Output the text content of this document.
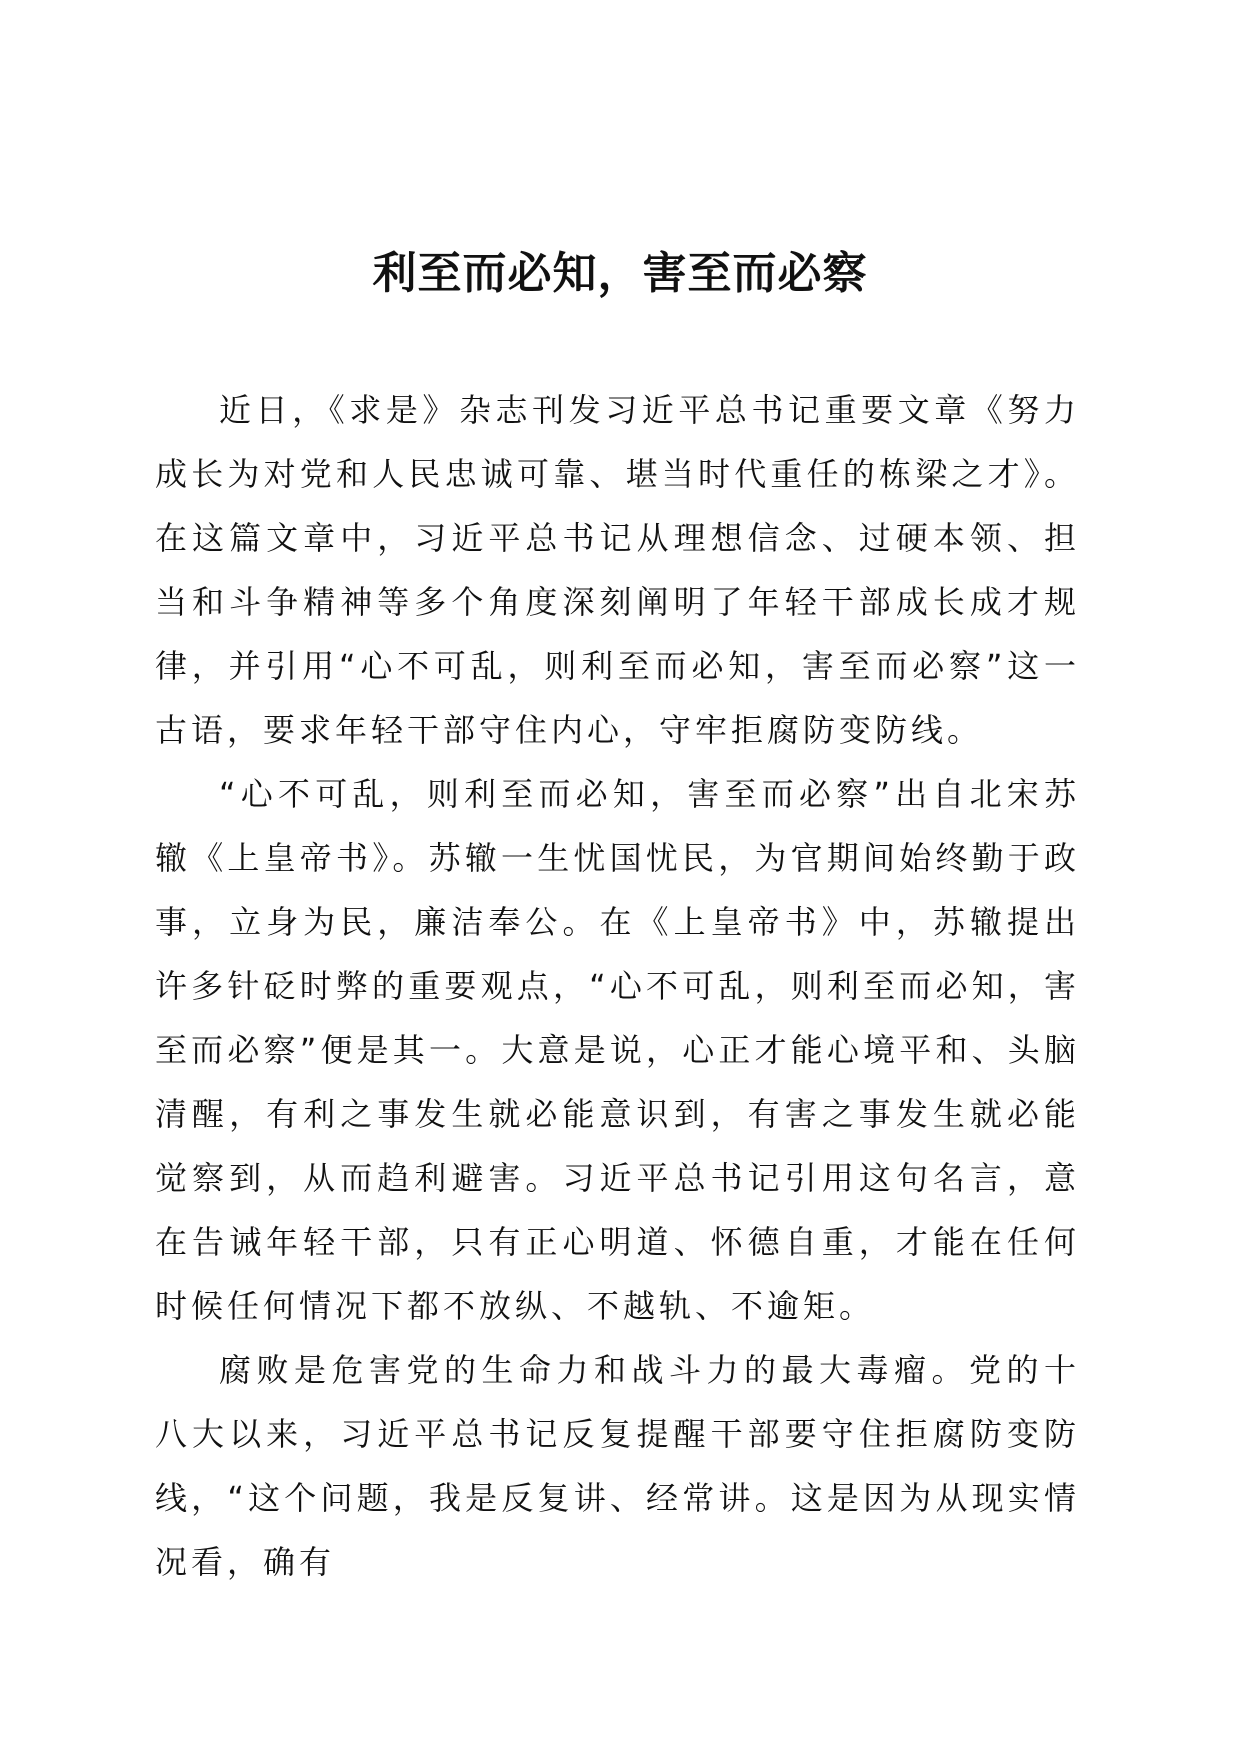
利至而必知，害至而必察

近日，《求是》杂志刊发习近平总书记重要文章《努力成长为对党和人民忠诚可靠、堪当时代重任的栋梁之才》。在这篇文章中，习近平总书记从理想信念、过硬本领、担当和斗争精神等多个角度深刻阐明了年轻干部成长成才规律，并引用“心不可乱，则利至而必知，害至而必察”这一古语，要求年轻干部守住内心，守牢拒腐防变防线。

“心不可乱，则利至而必知，害至而必察”出自北宋苏辙《上皇帝书》。苏辙一生忧国忧民，为官期间始终勤于政事，立身为民，廉洁奉公。在《上皇帝书》中，苏辙提出许多针砭时弊的重要观点，“心不可乱，则利至而必知，害至而必察”便是其一。大意是说，心正才能心境平和、头脑清醒，有利之事发生就必能意识到，有害之事发生就必能觉察到，从而趋利避害。习近平总书记引用这句名言，意在告诫年轻干部，只有正心明道、怀德自重，才能在任何时候任何情况下都不放纵、不越轨、不逾矩。

腐败是危害党的生命力和战斗力的最大毒瘤。党的十八大以来，习近平总书记反复提醒干部要守住拒腐防变防线，“这个问题，我是反复讲、经常讲。这是因为从现实情况看，确有
